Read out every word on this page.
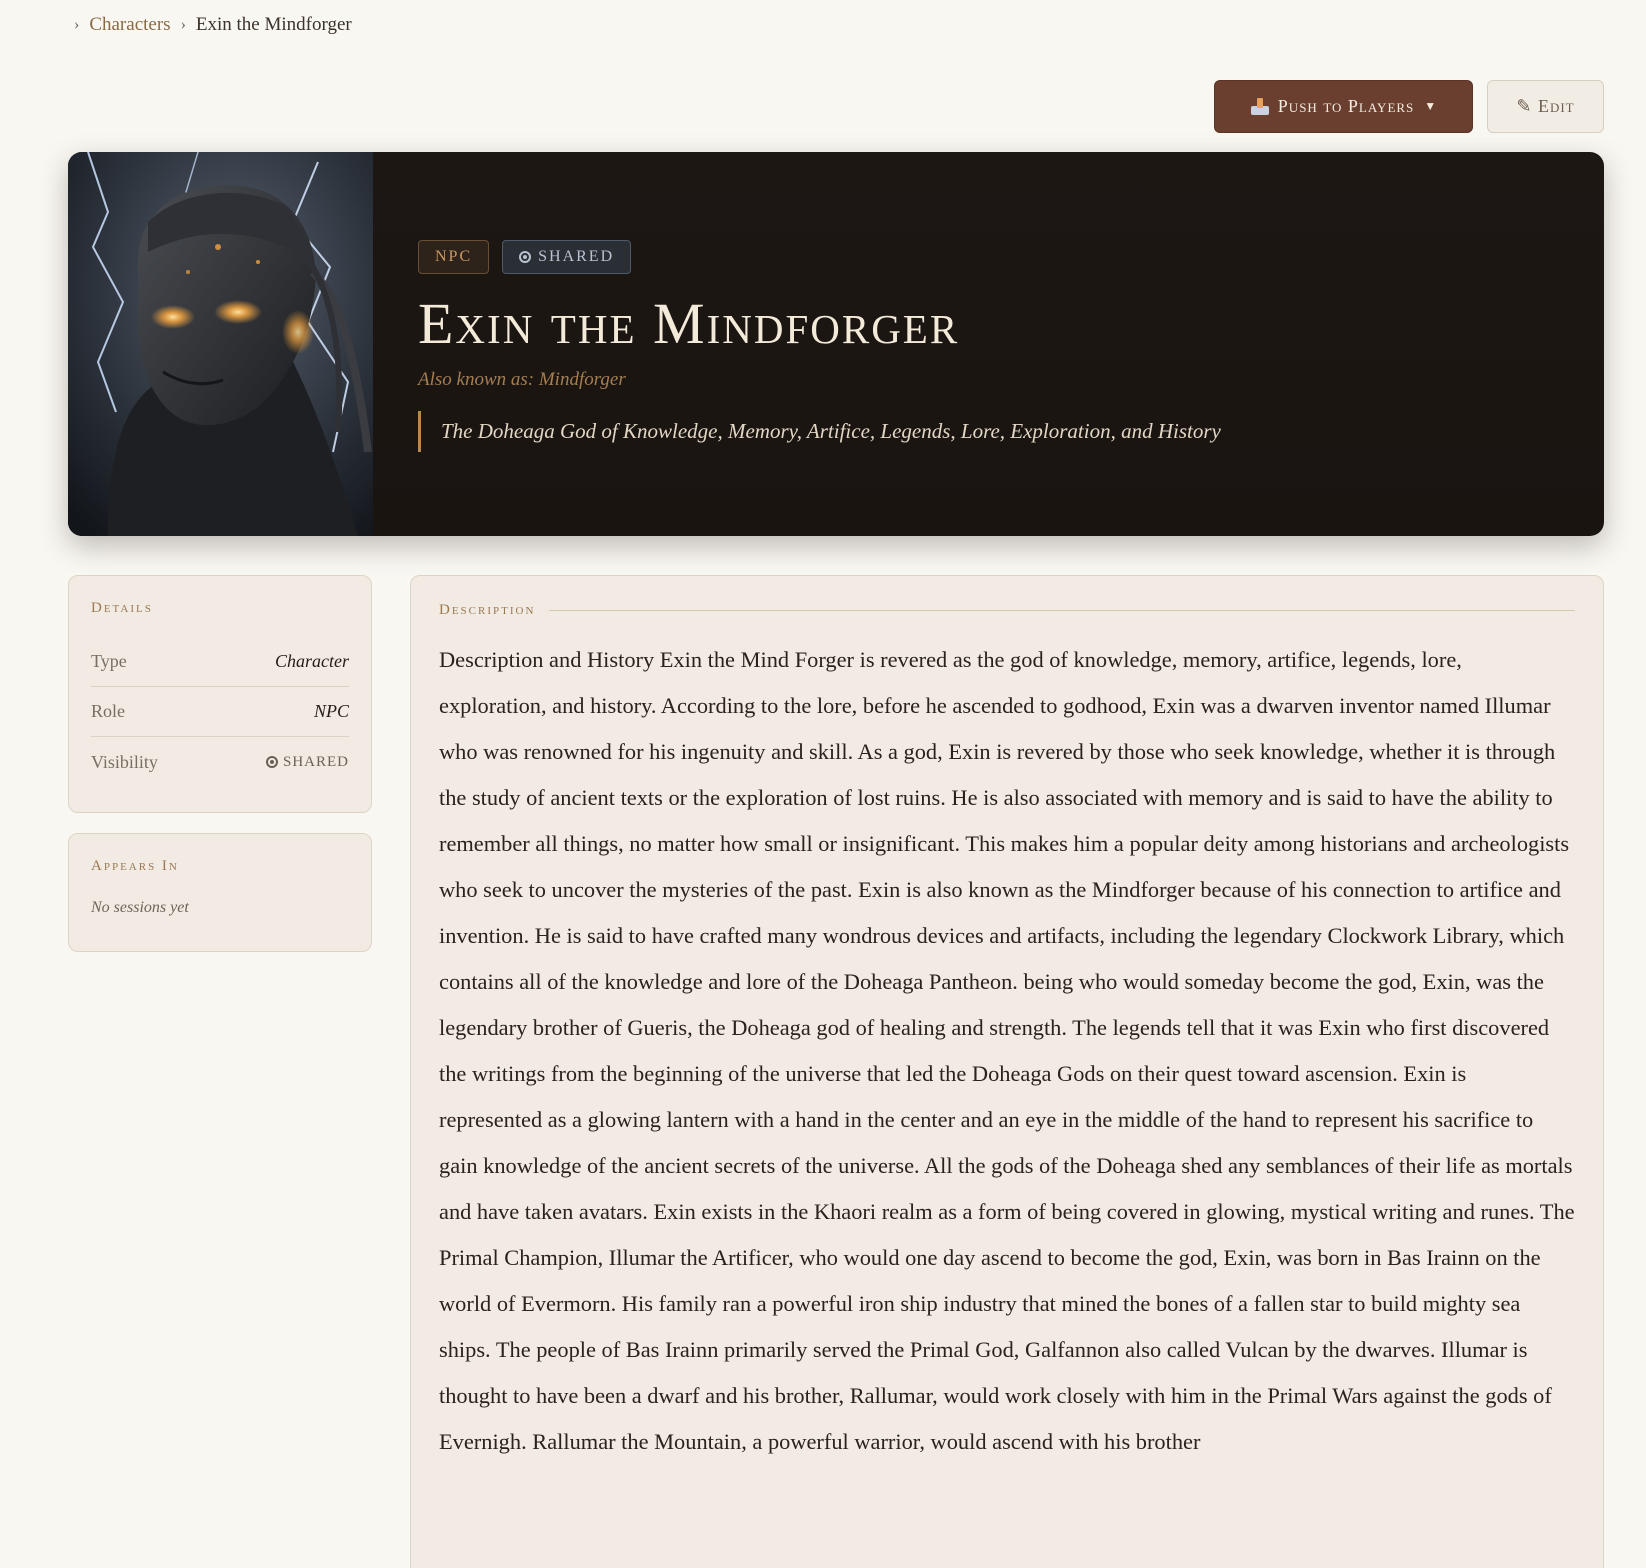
› Characters › Exin the Mindforger
Push to Players ▼	✎ Edit
NPC	SHARED
Exin the Mindforger
Also known as: Mindforger
The Doheaga God of Knowledge, Memory, Artifice, Legends, Lore, Exploration, and History
Details
Type	Character
Role	NPC
Visibility	SHARED
Appears In
No sessions yet
Description
Description and History Exin the Mind Forger is revered as the god of knowledge, memory, artifice, legends, lore, exploration, and history. According to the lore, before he ascended to godhood, Exin was a dwarven inventor named Illumar who was renowned for his ingenuity and skill. As a god, Exin is revered by those who seek knowledge, whether it is through the study of ancient texts or the exploration of lost ruins. He is also associated with memory and is said to have the ability to remember all things, no matter how small or insignificant. This makes him a popular deity among historians and archeologists who seek to uncover the mysteries of the past. Exin is also known as the Mindforger because of his connection to artifice and invention. He is said to have crafted many wondrous devices and artifacts, including the legendary Clockwork Library, which contains all of the knowledge and lore of the Doheaga Pantheon. being who would someday become the god, Exin, was the legendary brother of Gueris, the Doheaga god of healing and strength. The legends tell that it was Exin who first discovered the writings from the beginning of the universe that led the Doheaga Gods on their quest toward ascension. Exin is represented as a glowing lantern with a hand in the center and an eye in the middle of the hand to represent his sacrifice to gain knowledge of the ancient secrets of the universe. All the gods of the Doheaga shed any semblances of their life as mortals and have taken avatars. Exin exists in the Khaori realm as a form of being covered in glowing, mystical writing and runes. The Primal Champion, Illumar the Artificer, who would one day ascend to become the god, Exin, was born in Bas Irainn on the world of Evermorn. His family ran a powerful iron ship industry that mined the bones of a fallen star to build mighty sea ships. The people of Bas Irainn primarily served the Primal God, Galfannon also called Vulcan by the dwarves. Illumar is thought to have been a dwarf and his brother, Rallumar, would work closely with him in the Primal Wars against the gods of Evernigh. Rallumar the Mountain, a powerful warrior, would ascend with his brother
